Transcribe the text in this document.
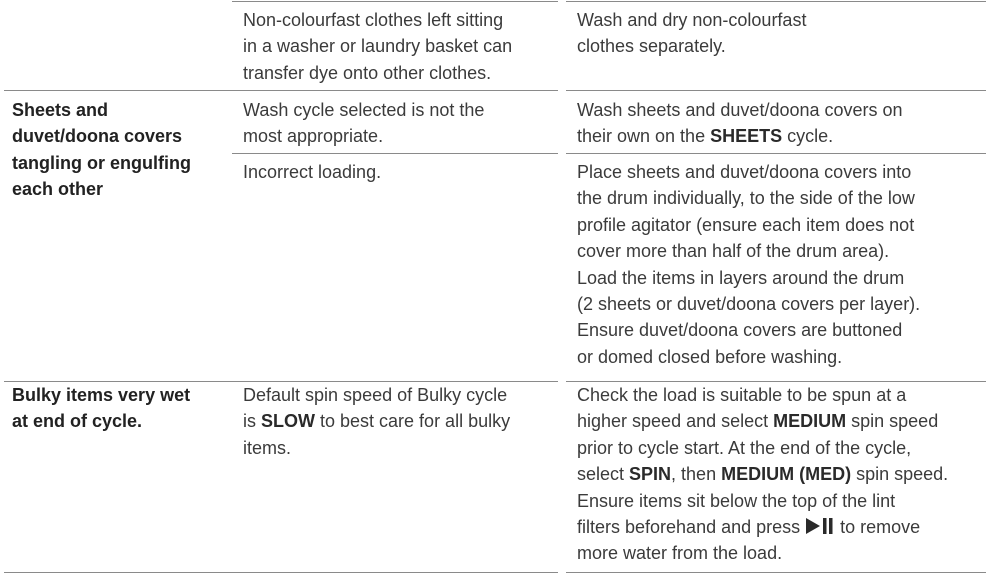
Non-colourfast clothes left sitting
in a washer or laundry basket can
transfer dye onto other clothes.
Wash and dry non-colourfast
clothes separately.
Sheets and
duvet/doona covers
tangling or engulfing
each other
Wash cycle selected is not the
most appropriate.
Wash sheets and duvet/doona covers on
their own on the SHEETS cycle.
Incorrect loading.	Place sheets and duvet/doona covers into
the drum individually, to the side of the low
profile agitator (ensure each item does not
cover more than half of the drum area).
Load the items in layers around the drum
(2 sheets or duvet/doona covers per layer).
Ensure duvet/doona covers are buttoned
or domed closed before washing.
Bulky items very wet
at end of cycle.
Default spin speed of Bulky cycle
is SLOW to best care for all bulky
items.
Check the load is suitable to be spun at a
higher speed and select MEDIUM spin speed
prior to cycle start. At the end of the cycle,
select SPIN, then MEDIUM (MED) spin speed.
Ensure items sit below the top of the lint
filters beforehand and press  to remove
more water from the load.
